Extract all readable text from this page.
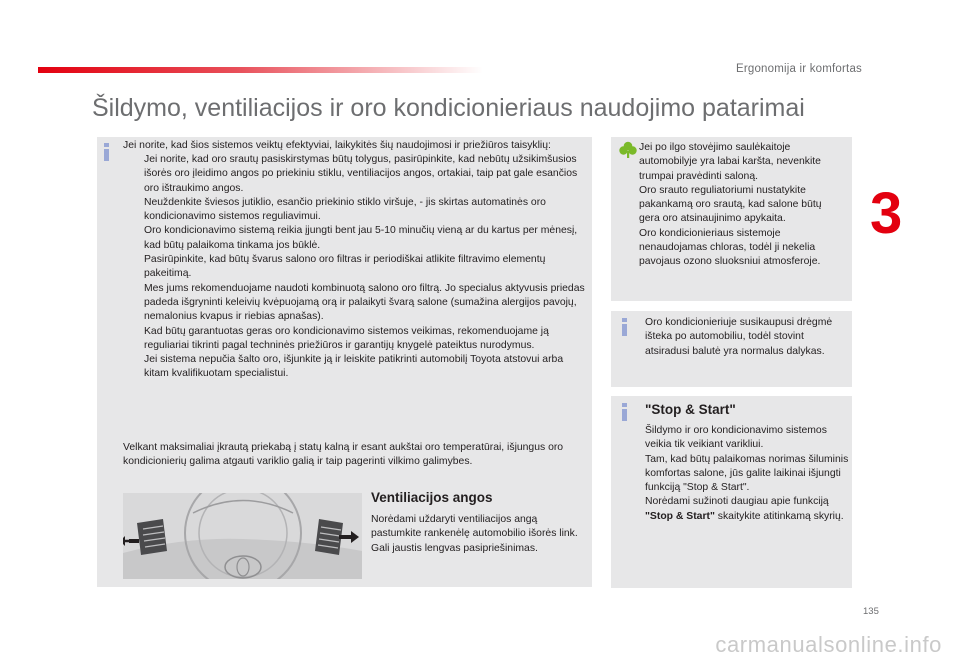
Ergonomija ir komfortas
Šildymo, ventiliacijos ir oro kondicionieriaus naudojimo patarimai
3
Jei norite, kad šios sistemos veiktų efektyviai, laikykitės šių naudojimosi ir priežiūros taisyklių:
Jei norite, kad oro srautų pasiskirstymas būtų tolygus, pasirūpinkite, kad nebūtų užsikimšusios išorės oro įleidimo angos po priekiniu stiklu, ventiliacijos angos, ortakiai, taip pat gale esančios oro ištraukimo angos.
Neuždenkite šviesos jutiklio, esančio priekinio stiklo viršuje, - jis skirtas automatinės oro kondicionavimo sistemos reguliavimui.
Oro kondicionavimo sistemą reikia įjungti bent jau 5-10 minučių vieną ar du kartus per mėnesį, kad būtų palaikoma tinkama jos būklė.
Pasirūpinkite, kad būtų švarus salono oro filtras ir periodiškai atlikite filtravimo elementų pakeitimą.
Mes jums rekomenduojame naudoti kombinuotą salono oro filtrą. Jo specialus aktyvusis priedas padeda išgryninti keleivių kvėpuojamą orą ir palaikyti švarą salone (sumažina alergijos pavojų, nemalonius kvapus ir riebias apnašas).
Kad būtų garantuotas geras oro kondicionavimo sistemos veikimas, rekomenduojame ją reguliariai tikrinti pagal techninės priežiūros ir garantijų knygelė pateiktus nurodymus.
Jei sistema nepučia šalto oro, išjunkite ją ir leiskite patikrinti automobilį Toyota atstovui arba kitam kvalifikuotam specialistui.
Velkant maksimaliai įkrautą priekabą į statų kalną ir esant aukštai oro temperatūrai, išjungus oro kondicionierių galima atgauti variklio galią ir taip pagerinti vilkimo galimybes.
Ventiliacijos angos
Norėdami uždaryti ventiliacijos angą pastumkite rankenėlę automobilio išorės link. Gali jaustis lengvas pasipriešinimas.
Jei po ilgo stovėjimo saulėkaitoje automobilyje yra labai karšta, nevenkite trumpai pravėdinti saloną.
Oro srauto reguliatoriumi nustatykite pakankamą oro srautą, kad salone būtų gera oro atsinaujinimo apykaita.
Oro kondicionieriaus sistemoje nenaudojamas chloras, todėl ji nekelia pavojaus ozono sluoksniui atmosferoje.
Oro kondicionieriuje susikaupusi drėgmė išteka po automobiliu, todėl stovint atsiradusi balutė yra normalus dalykas.
"Stop & Start"
Šildymo ir oro kondicionavimo sistemos veikia tik veikiant varikliui.
Tam, kad būtų palaikomas norimas šiluminis komfortas salone, jūs galite laikinai išjungti funkciją "Stop & Start".
Norėdami sužinoti daugiau apie funkciją "Stop & Start" skaitykite atitinkamą skyrių.
135
carmanualsonline.info
